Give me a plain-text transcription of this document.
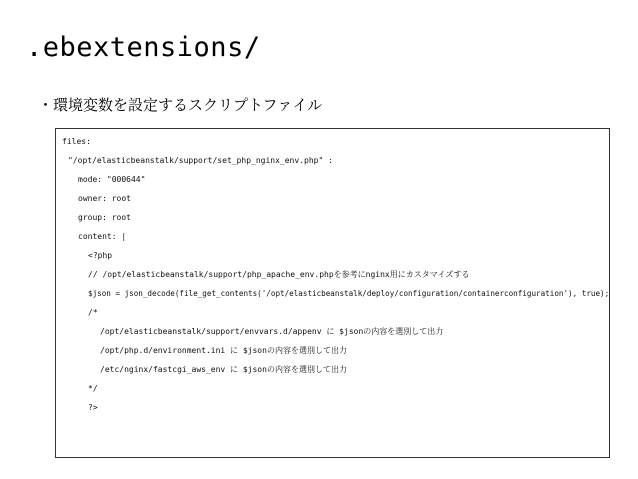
.ebextensions/
・環境変数を設定するスクリプトファイル
files:
"/opt/elasticbeanstalk/support/set_php_nginx_env.php" :
mode: "000644"
owner: root
group: root
content: |
<?php
// /opt/elasticbeanstalk/support/php_apache_env.phpを参考にnginx用にカスタマイズする
$json = json_decode(file_get_contents('/opt/elasticbeanstalk/deploy/configuration/containerconfiguration'), true);
/*
/opt/elasticbeanstalk/support/envvars.d/appenv に $jsonの内容を選別して出力
/opt/php.d/environment.ini に $jsonの内容を選別して出力
/etc/nginx/fastcgi_aws_env に $jsonの内容を選別して出力
*/
?>
